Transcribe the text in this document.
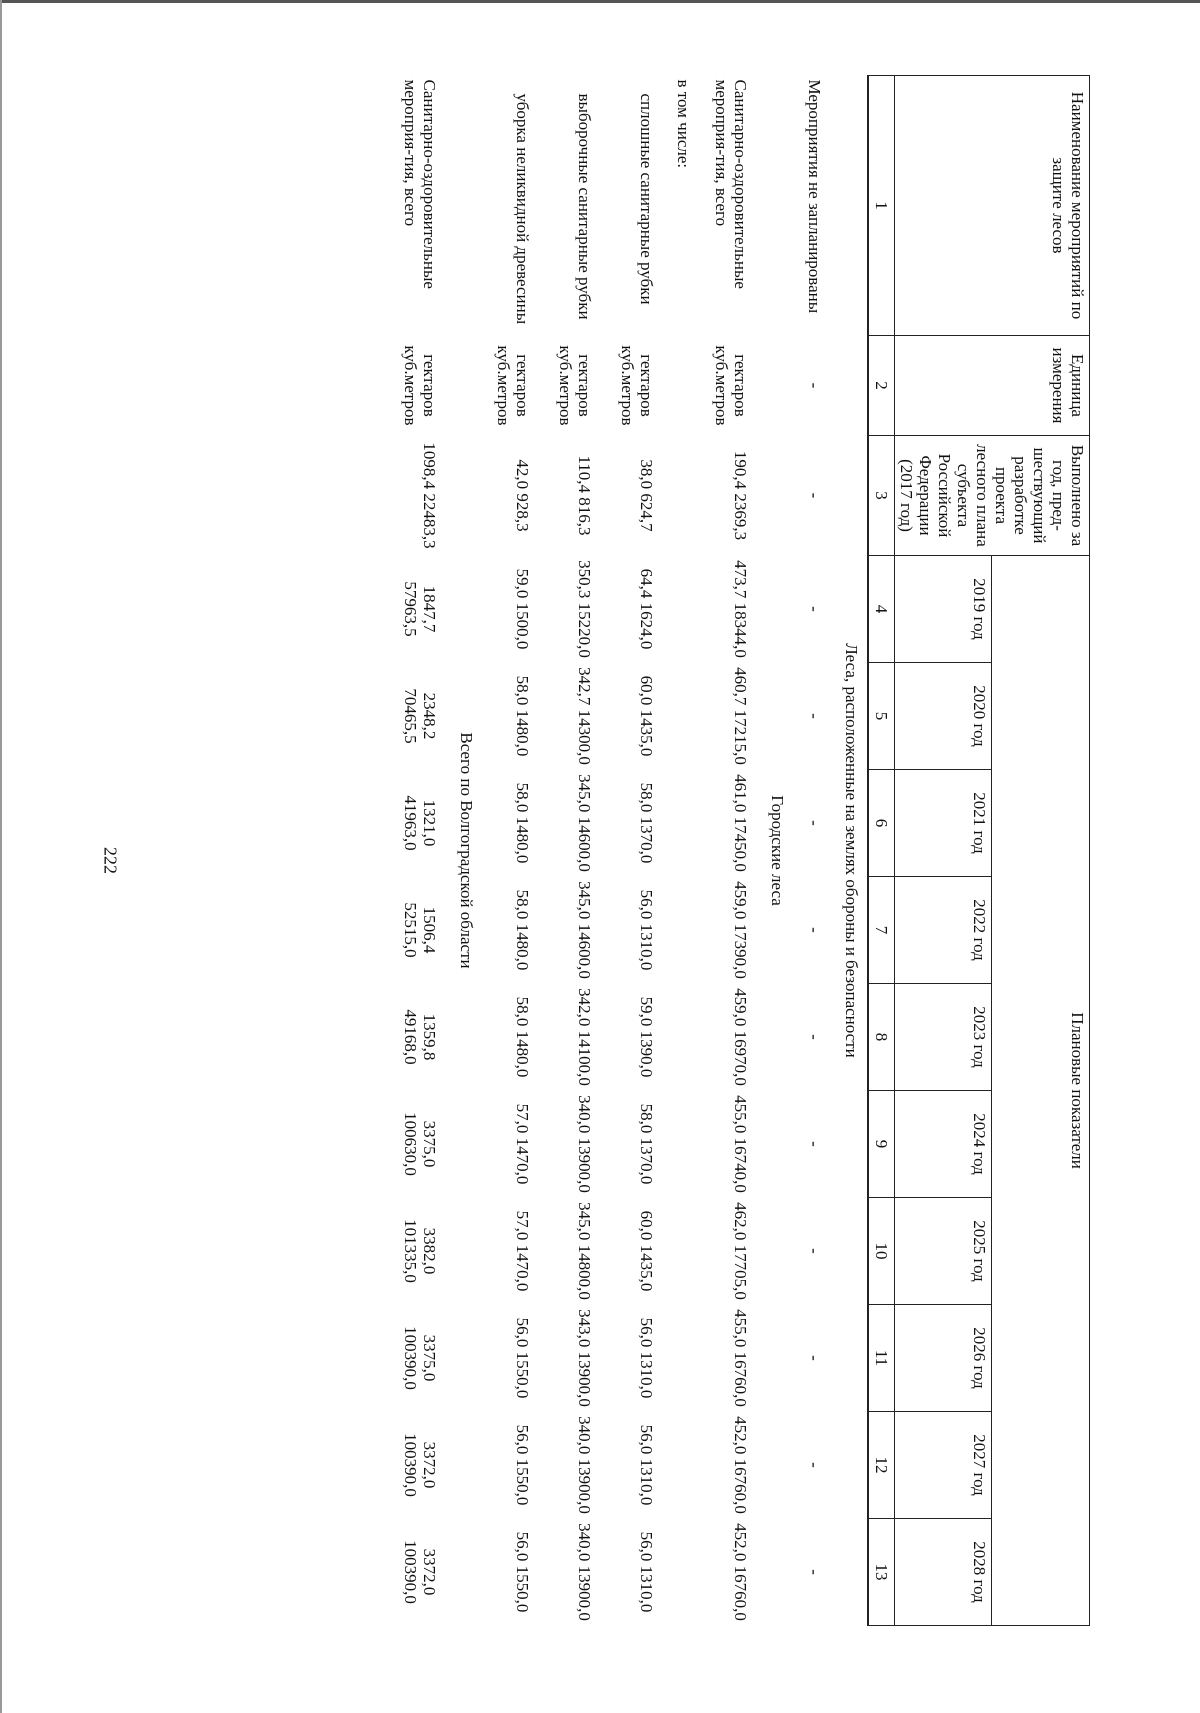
222
Наименование мероприятий по защите лесов	Единица измерения	Выполнено за год, пред-шествующий разработке проекта лесного плана субъекта Российской Федерации (2017 год)	Плановые показатели									
			2019 год	2020 год	2021 год	2022 год	2023 год	2024 год	2025 год	2026 год	2027 год	2028 год
1	2	3	4	5	6	7	8	9	10	11	12	13
Леса, расположенные на землях обороны и безопасности												
Мероприятия не запланированы	-	-	-	-	-	-	-	-	-	-	-	-
Городские леса												
Санитарно-оздоровительные мероприя-тия, всего	гектаров куб.метров	190,4 2369,3	473,7 18344,0	460,7 17215,0	461,0 17450,0	459,0 17390,0	459,0 16970,0	455,0 16740,0	462,0 17705,0	455,0 16760,0	452,0 16760,0	452,0 16760,0
в том числе:												
сплошные санитарные рубки	гектаров куб.метров	38,0 624,7	64,4 1624,0	60,0 1435,0	58,0 1370,0	56,0 1310,0	59,0 1390,0	58,0 1370,0	60,0 1435,0	56,0 1310,0	56,0 1310,0	56,0 1310,0
выборочные санитарные рубки	гектаров куб.метров	110,4 816,3	350,3 15220,0	342,7 14300,0	345,0 14600,0	345,0 14600,0	342,0 14100,0	340,0 13900,0	345,0 14800,0	343,0 13900,0	340,0 13900,0	340,0 13900,0
уборка неликвидной древесины	гектаров куб.метров	42,0 928,3	59,0 1500,0	58,0 1480,0	58,0 1480,0	58,0 1480,0	58,0 1480,0	57,0 1470,0	57,0 1470,0	56,0 1550,0	56,0 1550,0	56,0 1550,0
Всего по Волгоградской области												
Санитарно-оздоровительные мероприя-тия, всего	гектаров куб.метров	1098,4 22483,3	1847,7 57963,5	2348,2 70465,5	1321,0 41963,0	1506,4 52515,0	1359,8 49168,0	3375,0 100630,0	3382,0 101335,0	3375,0 100390,0	3372,0 100390,0	3372,0 100390,0
